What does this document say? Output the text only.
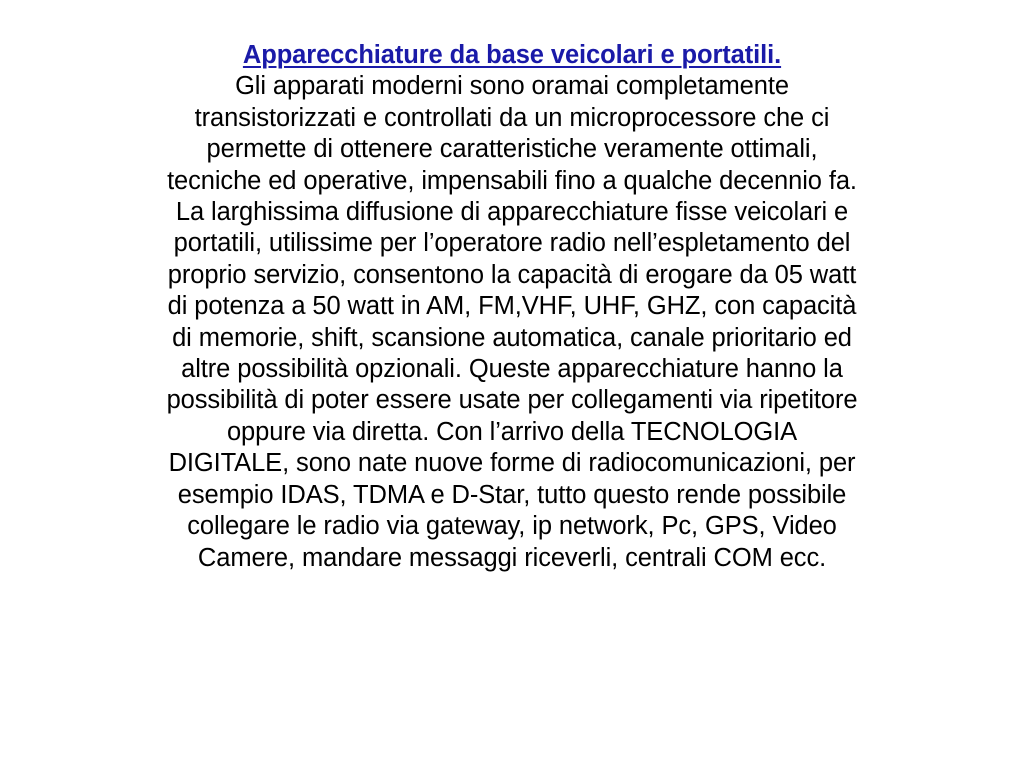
Apparecchiature da base veicolari e portatili.
Gli apparati moderni sono oramai completamente
transistorizzati e controllati da un microprocessore che ci
permette di ottenere caratteristiche veramente ottimali,
tecniche ed operative, impensabili fino a qualche decennio fa.
La larghissima diffusione di apparecchiature fisse veicolari e
portatili, utilissime per l’operatore radio nell’espletamento del
proprio servizio, consentono la capacità di erogare da 05 watt
di potenza a 50 watt in AM, FM,VHF, UHF, GHZ, con capacità
di memorie, shift, scansione automatica, canale prioritario ed
altre possibilità opzionali. Queste apparecchiature hanno la
possibilità di poter essere usate per collegamenti via ripetitore
oppure via diretta. Con l’arrivo della TECNOLOGIA
DIGITALE, sono nate nuove forme di radiocomunicazioni, per
esempio IDAS, TDMA e D-Star, tutto questo rende possibile
collegare le radio via gateway, ip network, Pc, GPS, Video
Camere, mandare messaggi riceverli, centrali COM ecc.
